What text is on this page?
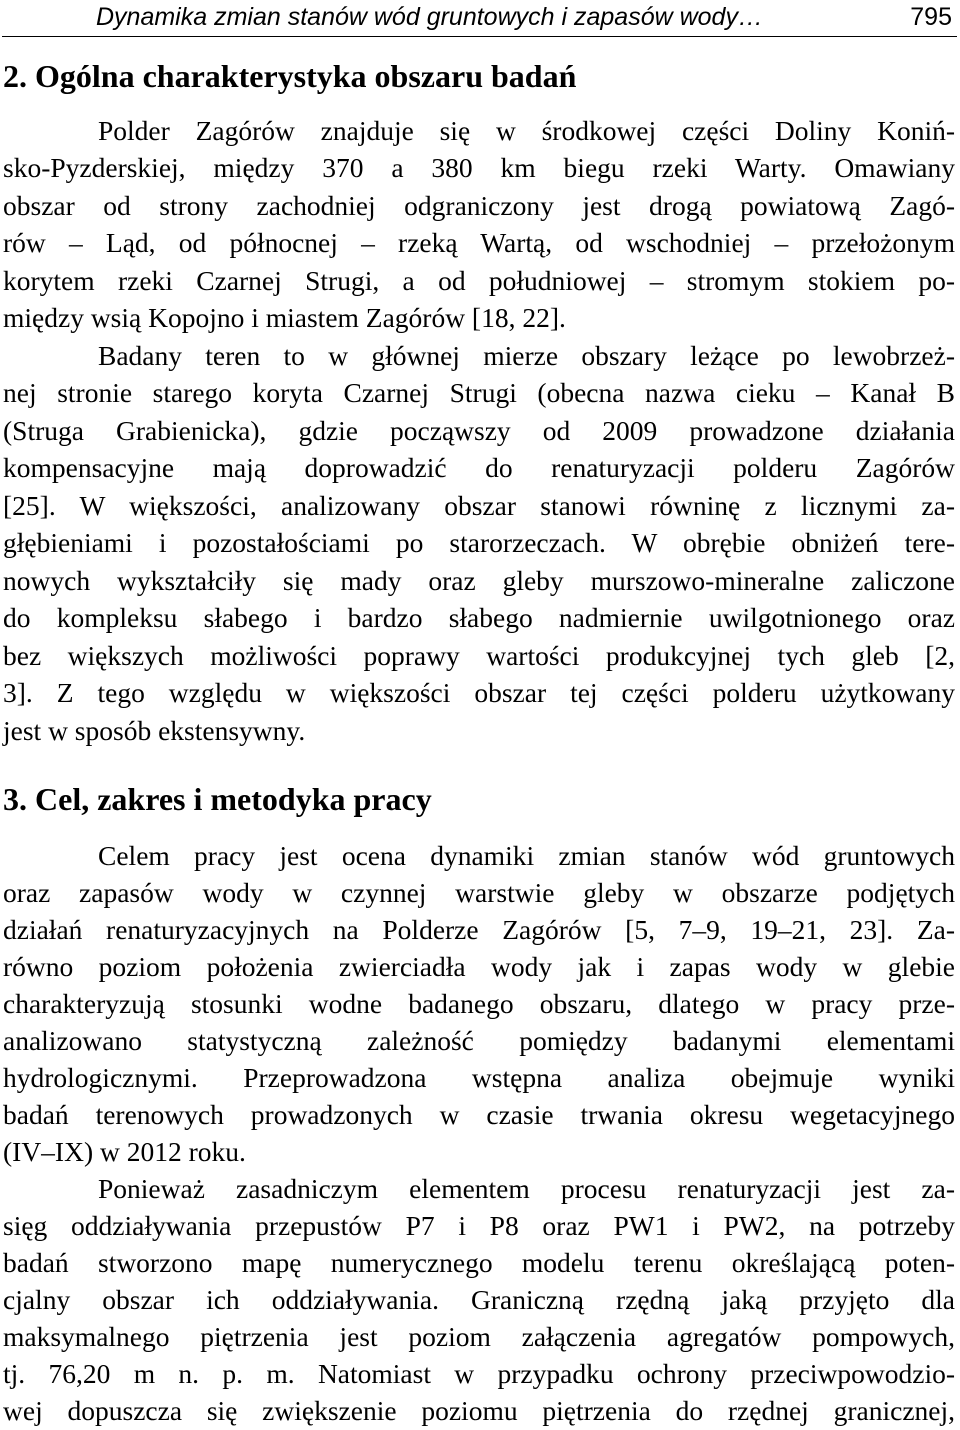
Dynamika zmian stanów wód gruntowych i zapasów wody…	795
2. Ogólna charakterystyka obszaru badań
Polder Zagórów znajduje się w środkowej części Doliny Koniń-
sko-Pyzderskiej, między 370 a 380 km biegu rzeki Warty. Omawiany
obszar od strony zachodniej odgraniczony jest drogą powiatową Zagó-
rów – Ląd, od północnej – rzeką Wartą, od wschodniej – przełożonym
korytem rzeki Czarnej Strugi, a od południowej – stromym stokiem po-
między wsią Kopojno i miastem Zagórów [18, 22].
Badany teren to w głównej mierze obszary leżące po lewobrzeż-
nej stronie starego koryta Czarnej Strugi (obecna nazwa cieku – Kanał B
(Struga Grabienicka), gdzie począwszy od 2009 prowadzone działania
kompensacyjne mają doprowadzić do renaturyzacji polderu Zagórów
[25]. W większości, analizowany obszar stanowi równinę z licznymi za-
głębieniami i pozostałościami po starorzeczach. W obrębie obniżeń tere-
nowych wykształciły się mady oraz gleby murszowo-mineralne zaliczone
do kompleksu słabego i bardzo słabego nadmiernie uwilgotnionego oraz
bez większych możliwości poprawy wartości produkcyjnej tych gleb [2,
3]. Z tego względu w większości obszar tej części polderu użytkowany
jest w sposób ekstensywny.
3. Cel, zakres i metodyka pracy
Celem pracy jest ocena dynamiki zmian stanów wód gruntowych
oraz zapasów wody w czynnej warstwie gleby w obszarze podjętych
działań renaturyzacyjnych na Polderze Zagórów [5, 7–9, 19–21, 23]. Za-
równo poziom położenia zwierciadła wody jak i zapas wody w glebie
charakteryzują stosunki wodne badanego obszaru, dlatego w pracy prze-
analizowano statystyczną zależność pomiędzy badanymi elementami
hydrologicznymi. Przeprowadzona wstępna analiza obejmuje wyniki
badań terenowych prowadzonych w czasie trwania okresu wegetacyjnego
(IV–IX) w 2012 roku.
Ponieważ zasadniczym elementem procesu renaturyzacji jest za-
sięg oddziaływania przepustów P7 i P8 oraz PW1 i PW2, na potrzeby
badań stworzono mapę numerycznego modelu terenu określającą poten-
cjalny obszar ich oddziaływania. Graniczną rzędną jaką przyjęto dla
maksymalnego piętrzenia jest poziom załączenia agregatów pompowych,
tj. 76,20 m n. p. m. Natomiast w przypadku ochrony przeciwpowodzio-
wej dopuszcza się zwiększenie poziomu piętrzenia do rzędnej granicznej,
